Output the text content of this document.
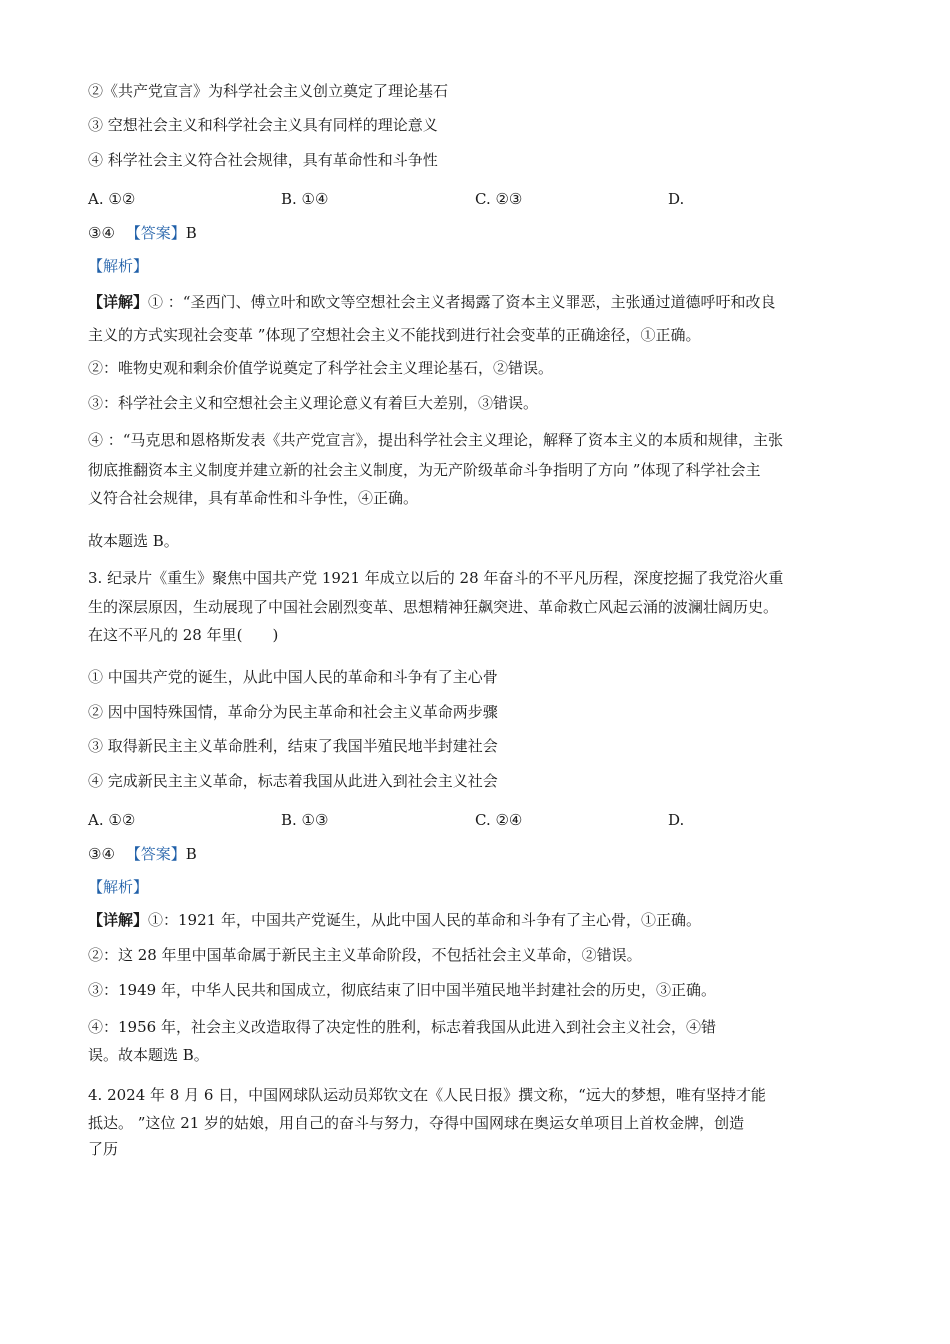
②《共产党宣言》为科学社会主义创立奠定了理论基石
③ 空想社会主义和科学社会主义具有同样的理论意义
④ 科学社会主义符合社会规律，具有革命性和斗争性
A. ①②	B. ①④	C. ②③	D.
③④ 【答案】B
【解析】
【详解】① ：“圣西门、傅立叶和欧文等空想社会主义者揭露了资本主义罪恶，主张通过道德呼吁和改良
主义的方式实现社会变革 ”体现了空想社会主义不能找到进行社会变革的正确途径，①正确。
②：唯物史观和剩余价值学说奠定了科学社会主义理论基石，②错误。
③：科学社会主义和空想社会主义理论意义有着巨大差别，③错误。
④ ：“马克思和恩格斯发表《共产党宣言》，提出科学社会主义理论，解释了资本主义的本质和规律，主张
彻底推翻资本主义制度并建立新的社会主义制度，为无产阶级革命斗争指明了方向 ”体现了科学社会主
义符合社会规律，具有革命性和斗争性，④正确。
故本题选 B。
3. 纪录片《重生》聚焦中国共产党 1921 年成立以后的 28 年奋斗的不平凡历程，深度挖掘了我党浴火重
生的深层原因，生动展现了中国社会剧烈变革、思想精神狂飙突进、革命救亡风起云涌的波澜壮阔历史。
在这不平凡的 28 年里(　　)
① 中国共产党的诞生，从此中国人民的革命和斗争有了主心骨
② 因中国特殊国情，革命分为民主革命和社会主义革命两步骤
③ 取得新民主主义革命胜利，结束了我国半殖民地半封建社会
④ 完成新民主主义革命，标志着我国从此进入到社会主义社会
A. ①②	B. ①③	C. ②④	D.
③④ 【答案】B
【解析】
【详解】①：1921 年，中国共产党诞生，从此中国人民的革命和斗争有了主心骨，①正确。
②：这 28 年里中国革命属于新民主主义革命阶段，不包括社会主义革命，②错误。
③：1949 年，中华人民共和国成立，彻底结束了旧中国半殖民地半封建社会的历史，③正确。
④：1956 年，社会主义改造取得了决定性的胜利，标志着我国从此进入到社会主义社会，④错
误。故本题选 B。
4. 2024 年 8 月 6 日，中国网球队运动员郑钦文在《人民日报》撰文称，“远大的梦想，唯有坚持才能
抵达。 ”这位 21 岁的姑娘，用自己的奋斗与努力，夺得中国网球在奥运女单项目上首枚金牌，创造
了历
